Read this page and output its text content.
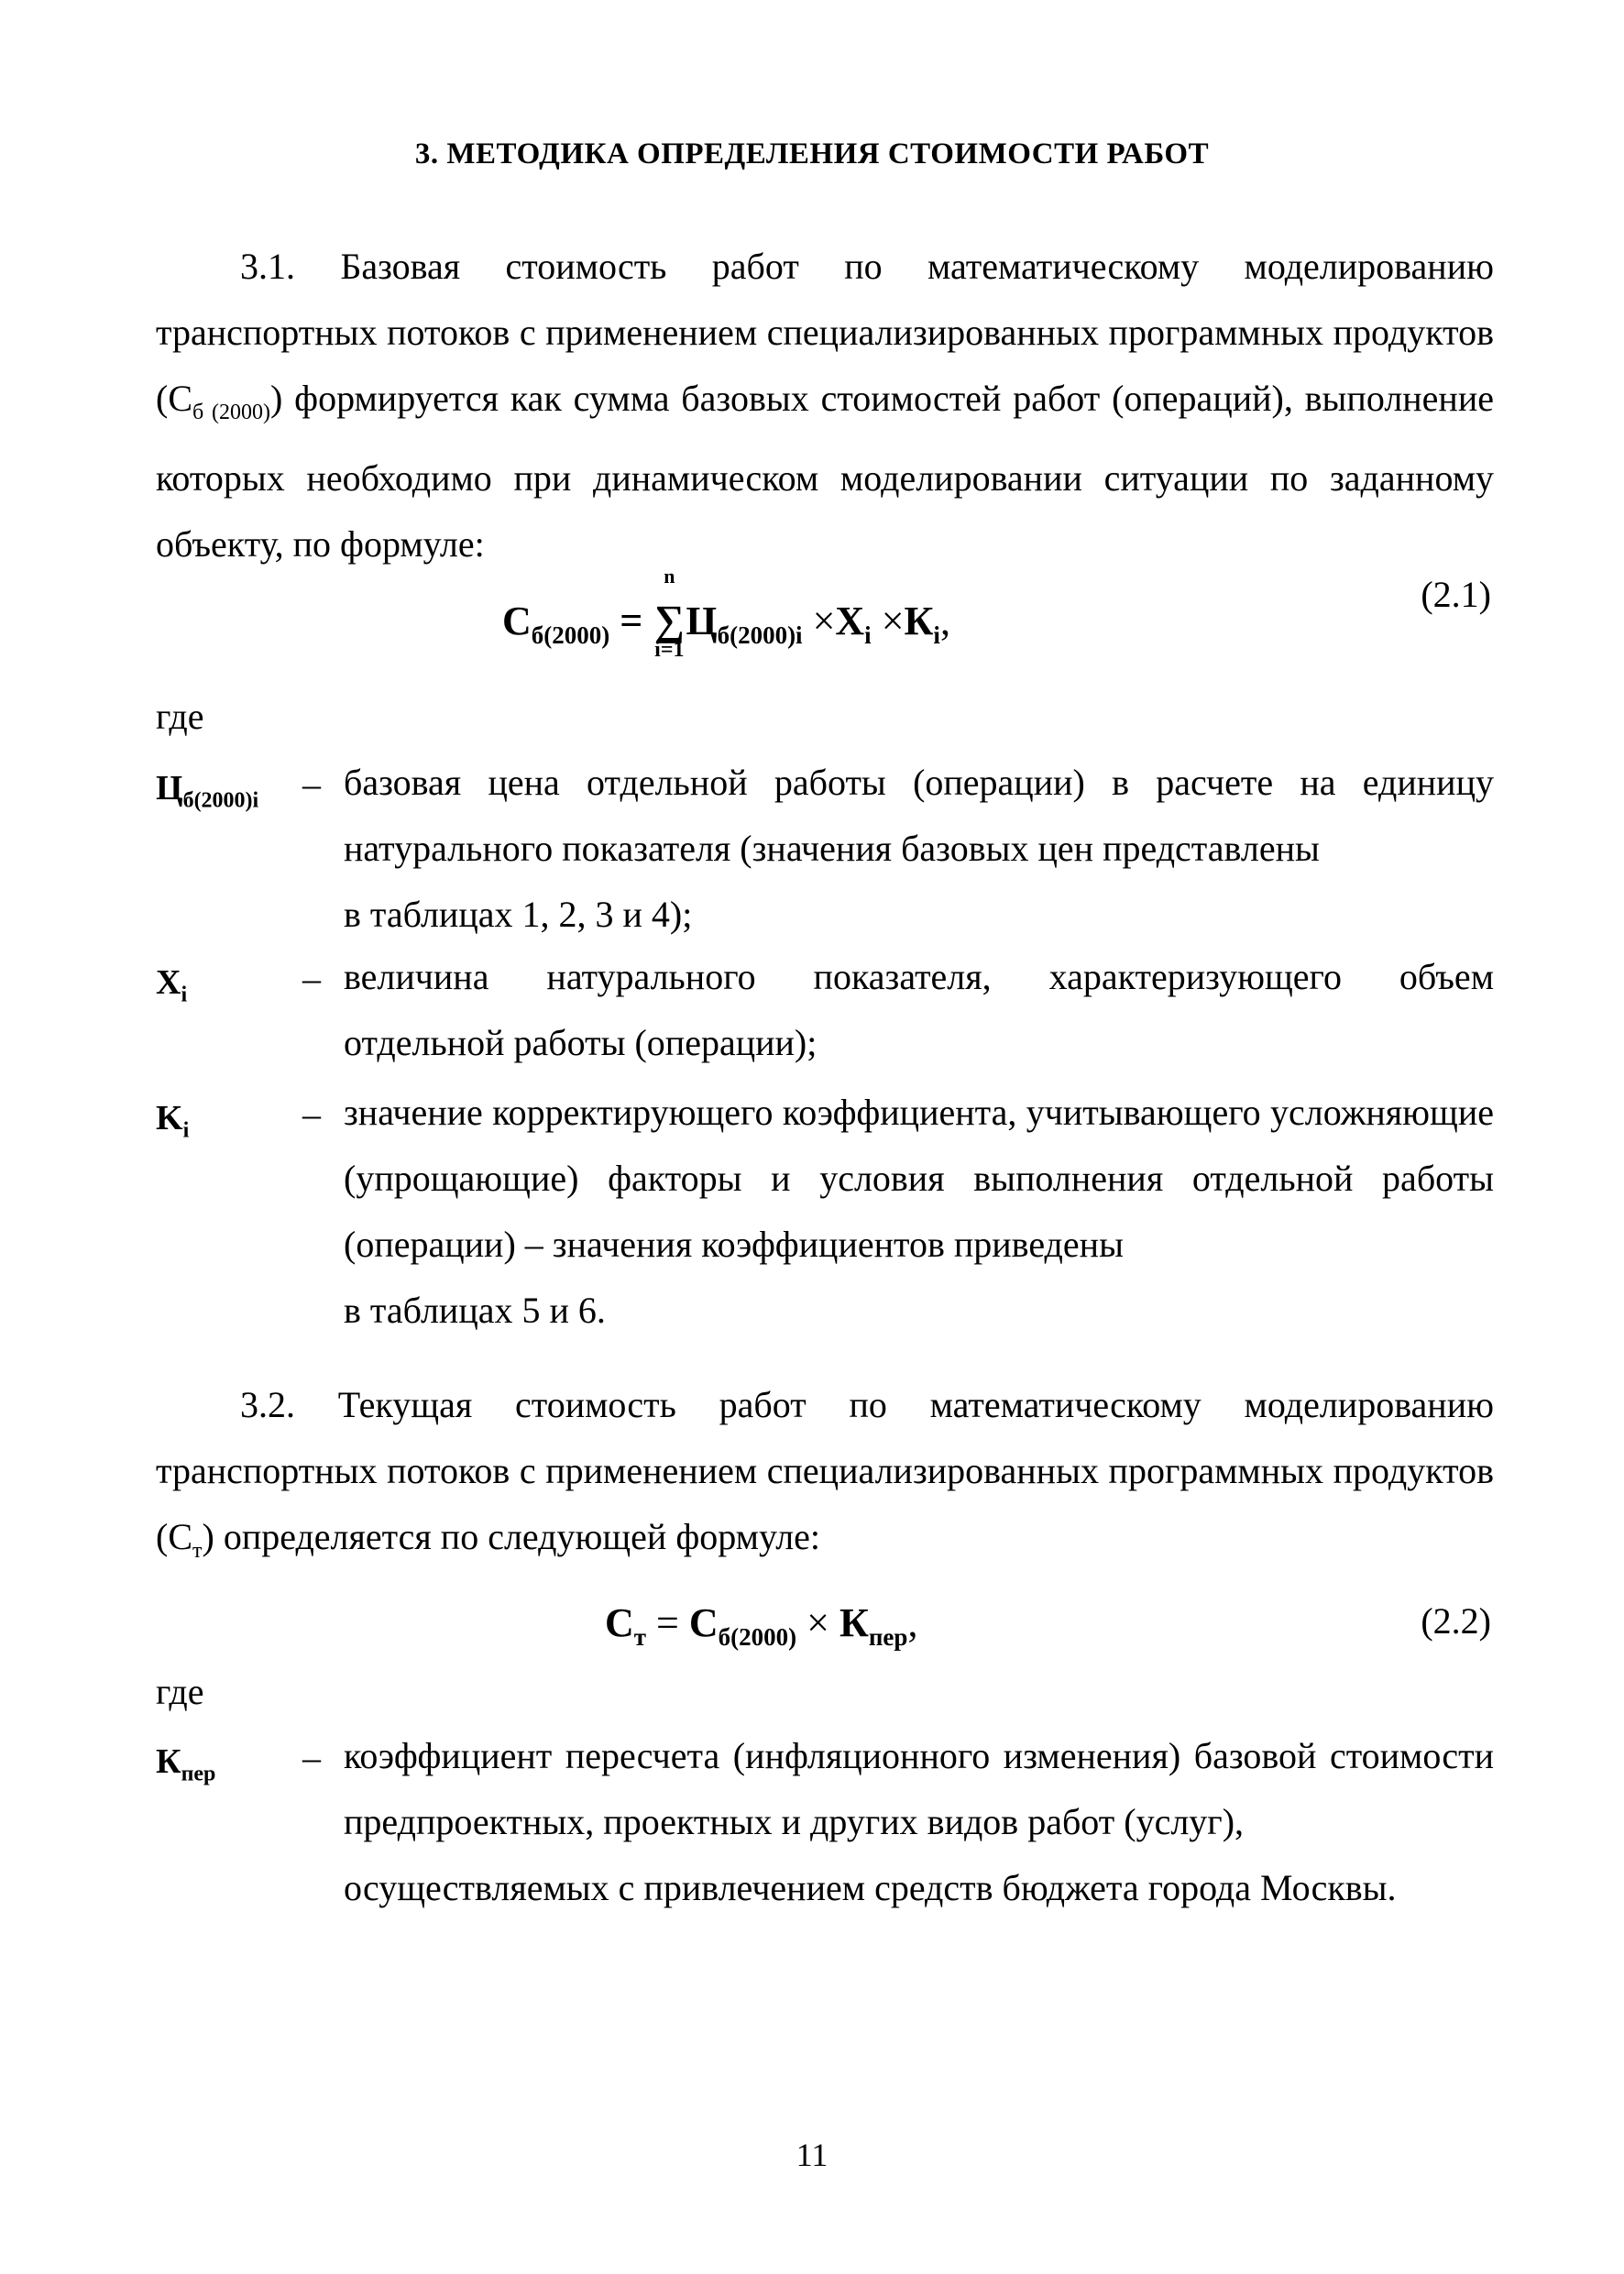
3. МЕТОДИКА ОПРЕДЕЛЕНИЯ СТОИМОСТИ РАБОТ

3.1. Базовая стоимость работ по математическому моделированию транспортных потоков с применением специализированных программных продуктов $(С_{б (2000)})$ формируется как сумма базовых стоимостей работ (операций), выполнение которых необходимо при динамическом моделировании ситуации по заданному объекту, по формуле:

$С_{б(2000)}$ =
n
∑
i=1
$Ц_{б(2000)i} \times X_i \times К_i$,
(2.1)
где
$Ц_{б(2000)i}$ – базовая цена отдельной работы (операции) в расчете на единицу натурального показателя (значения базовых цен представлены
в таблицах 1, 2, 3 и 4);

$X_i$	– величина натурального показателя, характеризующего объем

отдельной работы (операции);

$K_i$	– значение корректирующего коэффициента, учитывающего усложняющие (упрощающие) факторы и условия выполнения отдельной работы (операции) – значения коэффициентов приведены
в таблицах 5 и 6.

3.2. Текущая стоимость работ по математическому моделированию транспортных потоков с применением специализированных программных продуктов $(С_т)$ определяется по следующей формуле:

$С_т = С_{б(2000)} \times К_{пер}$,	(2.2)
где
$К_{пер}$ – коэффициент пересчета (инфляционного изменения) базовой стоимости предпроектных, проектных и других видов работ (услуг),
осуществляемых с привлечением средств бюджета города Москвы.

11
